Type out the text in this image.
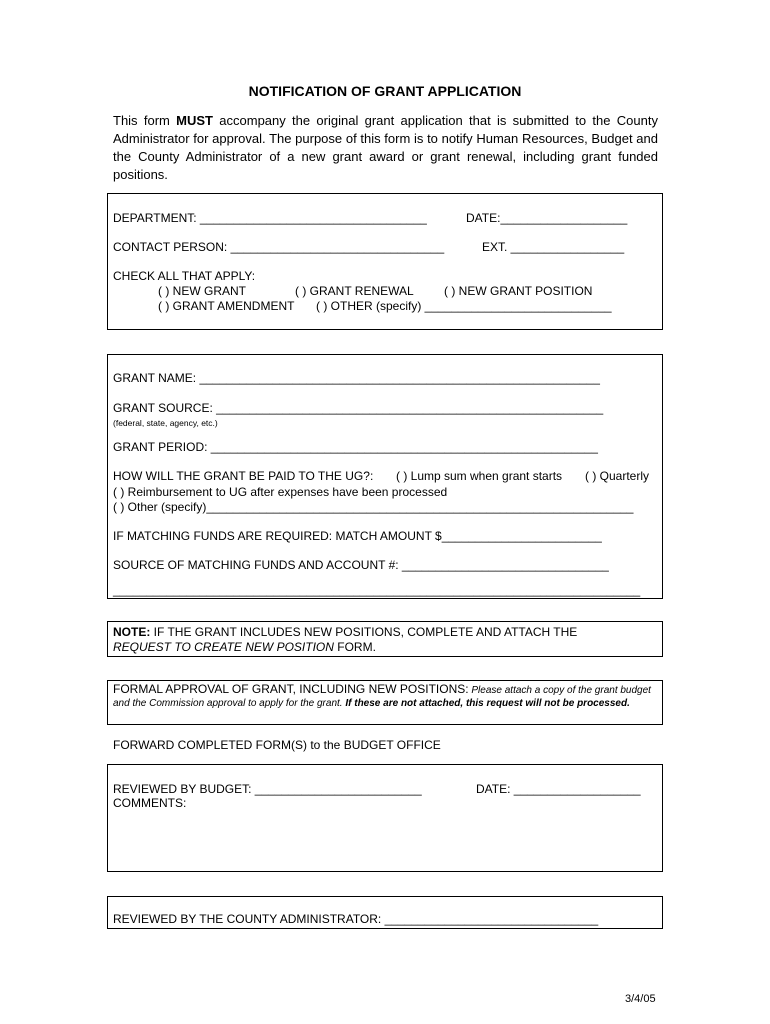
NOTIFICATION OF GRANT APPLICATION
This form MUST accompany the original grant application that is submitted to the County Administrator for approval. The purpose of this form is to notify Human Resources, Budget and the County Administrator of a new grant award or grant renewal, including grant funded positions.
DEPARTMENT: __________________________________	DATE:___________________
CONTACT PERSON: ________________________________	EXT. _________________
CHECK ALL THAT APPLY:
( ) NEW GRANT	( ) GRANT RENEWAL	( ) NEW GRANT POSITION
( ) GRANT AMENDMENT ( ) OTHER (specify) ____________________________
GRANT NAME: ____________________________________________________________
GRANT SOURCE: __________________________________________________________
(federal, state, agency, etc.)
GRANT PERIOD: __________________________________________________________
HOW WILL THE GRANT BE PAID TO THE UG?: ( ) Lump sum when grant starts ( ) Quarterly
( ) Reimbursement to UG after expenses have been processed
( ) Other (specify)________________________________________________________________
IF MATCHING FUNDS ARE REQUIRED: MATCH AMOUNT $________________________
SOURCE OF MATCHING FUNDS AND ACCOUNT #: _______________________________
_______________________________________________________________________________
NOTE: IF THE GRANT INCLUDES NEW POSITIONS, COMPLETE AND ATTACH THE
REQUEST TO CREATE NEW POSITION FORM.
FORMAL APPROVAL OF GRANT, INCLUDING NEW POSITIONS: Please attach a copy of the grant budget and the Commission approval to apply for the grant. If these are not attached, this request will not be processed.
FORWARD COMPLETED FORM(S) to the BUDGET OFFICE
REVIEWED BY BUDGET: _________________________	DATE: ___________________
COMMENTS:
REVIEWED BY THE COUNTY ADMINISTRATOR: ________________________________
3/4/05
